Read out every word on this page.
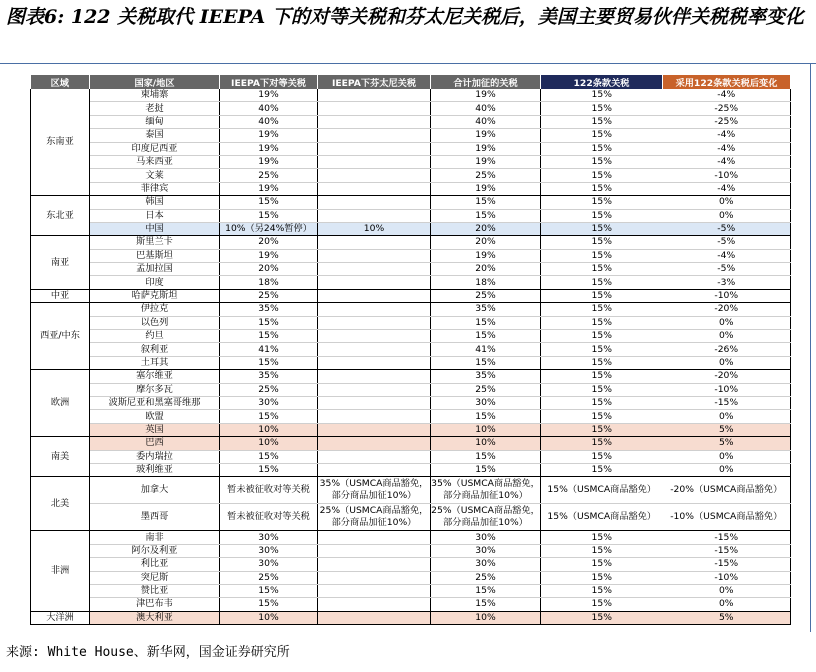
图表6: 122 关税取代 IEEPA 下的对等关税和芬太尼关税后，美国主要贸易伙伴关税税率变化
区域	国家/地区	IEEPA下对等关税	IEEPA下芬太尼关税	合计加征的关税	122条款关税	采用122条款关税后变化
东南亚	柬埔寨	19%		19%	15%	-4%
	老挝	40%		40%	15%	-25%
	缅甸	40%		40%	15%	-25%
	泰国	19%		19%	15%	-4%
	印度尼西亚	19%		19%	15%	-4%
	马来西亚	19%		19%	15%	-4%
	文莱	25%		25%	15%	-10%
	菲律宾	19%		19%	15%	-4%
东北亚	韩国	15%		15%	15%	0%
	日本	15%		15%	15%	0%
	中国	10%（另24%暂停）	10%	20%	15%	-5%
南亚	斯里兰卡	20%		20%	15%	-5%
	巴基斯坦	19%		19%	15%	-4%
	孟加拉国	20%		20%	15%	-5%
	印度	18%		18%	15%	-3%
中亚	哈萨克斯坦	25%		25%	15%	-10%
西亚/中东	伊拉克	35%		35%	15%	-20%
	以色列	15%		15%	15%	0%
	约旦	15%		15%	15%	0%
	叙利亚	41%		41%	15%	-26%
	土耳其	15%		15%	15%	0%
欧洲	塞尔维亚	35%		35%	15%	-20%
	摩尔多瓦	25%		25%	15%	-10%
	波斯尼亚和黑塞哥维那	30%		30%	15%	-15%
	欧盟	15%		15%	15%	0%
	英国	10%		10%	15%	5%
南美	巴西	10%		10%	15%	5%
	委内瑞拉	15%		15%	15%	0%
	玻利维亚	15%		15%	15%	0%
北美	加拿大	暂未被征收对等关税	35%（USMCA商品豁免，部分商品加征10%）	35%（USMCA商品豁免，部分商品加征10%）	15%（USMCA商品豁免）	-20%（USMCA商品豁免）
	墨西哥	暂未被征收对等关税	25%（USMCA商品豁免，部分商品加征10%）	25%（USMCA商品豁免，部分商品加征10%）	15%（USMCA商品豁免）	-10%（USMCA商品豁免）
非洲	南非	30%		30%	15%	-15%
	阿尔及利亚	30%		30%	15%	-15%
	利比亚	30%		30%	15%	-15%
	突尼斯	25%		25%	15%	-10%
	赞比亚	15%		15%	15%	0%
	津巴布韦	15%		15%	15%	0%
大洋洲	澳大利亚	10%		10%	15%	5%
来源: White House、新华网，国金证券研究所
